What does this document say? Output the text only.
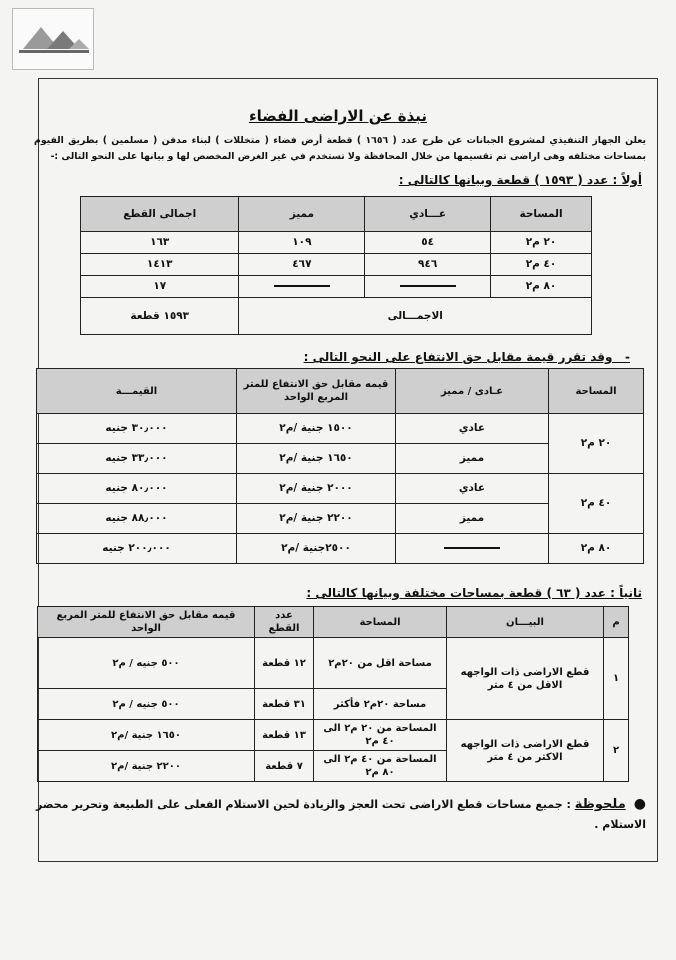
نبذة عن الاراضى الفضاء
يعلن الجهاز التنفيذي لمشروع الجبانات عن طرح عدد ( ١٦٥٦ ) قطعة أرض فضاء ( متخللات ) لبناء مدفن ( مسلمين ) بطريق الفيوم بمساحات مختلفه وهى اراضى تم تقسيمها من خلال المحافظة ولا تستخدم في غير الغرض المخصص لها و بيانها على النحو التالى :-
أولاً : عدد ( ١٥٩٣ ) قطعة وبيانها كالتالى :
المساحة	عـــادي	مميز	اجمالى القطع
٢٠ م٢	٥٤	١٠٩	١٦٣
٤٠ م٢	٩٤٦	٤٦٧	١٤١٣
٨٠ م٢			١٧
الاجمـــالى			١٥٩٣ قطعة
-   وقد تقرر قيمة مقابل حق الانتفاع على النحو التالى :
المساحة	عـادى / مميز	قيمه مقابل حق الانتفاع للمتر المربع الواحد	القيمـــة
٢٠ م٢	عادي	١٥٠٠ جنية /م٢	٣٠٫٠٠٠ جنيه
	مميز	١٦٥٠ جنية /م٢	٣٣٫٠٠٠ جنيه
٤٠ م٢	عادي	٢٠٠٠ جنية /م٢	٨٠٫٠٠٠ جنيه
	مميز	٢٢٠٠ جنية /م٢	٨٨٫٠٠٠ جنيه
٨٠ م٢		٢٥٠٠جنية /م٢	٢٠٠٫٠٠٠ جنيه
ثانياً : عدد ( ٦٣ ) قطعة بمساحات مختلفة وبيانها كالتالى :
م	البيـــان	المساحة	عدد القطع	قيمه مقابل حق الانتفاع للمتر المربع الواحد
١	قطع الاراضى ذات الواجهه الاقل من ٤ متر	مساحة اقل من ٢٠م٢	١٢ قطعة	٥٠٠ جنيه / م٢
		مساحة ٢٠م٢ فأكثر	٣١ قطعة	٥٠٠ جنيه / م٢
٢	قطع الاراضى ذات الواجهه الاكثر من ٤ متر	المساحة من ٢٠ م٢ الى ٤٠ م٢	١٣ قطعة	١٦٥٠ جنية /م٢
		المساحة من ٤٠ م٢ الى ٨٠ م٢	٧ قطعة	٢٢٠٠ جنية /م٢
●ملحوظة : جميع مساحات قطع الاراضى تحت العجز والزيادة لحين الاستلام الفعلى على الطبيعة وتحرير محضر الاستلام .
